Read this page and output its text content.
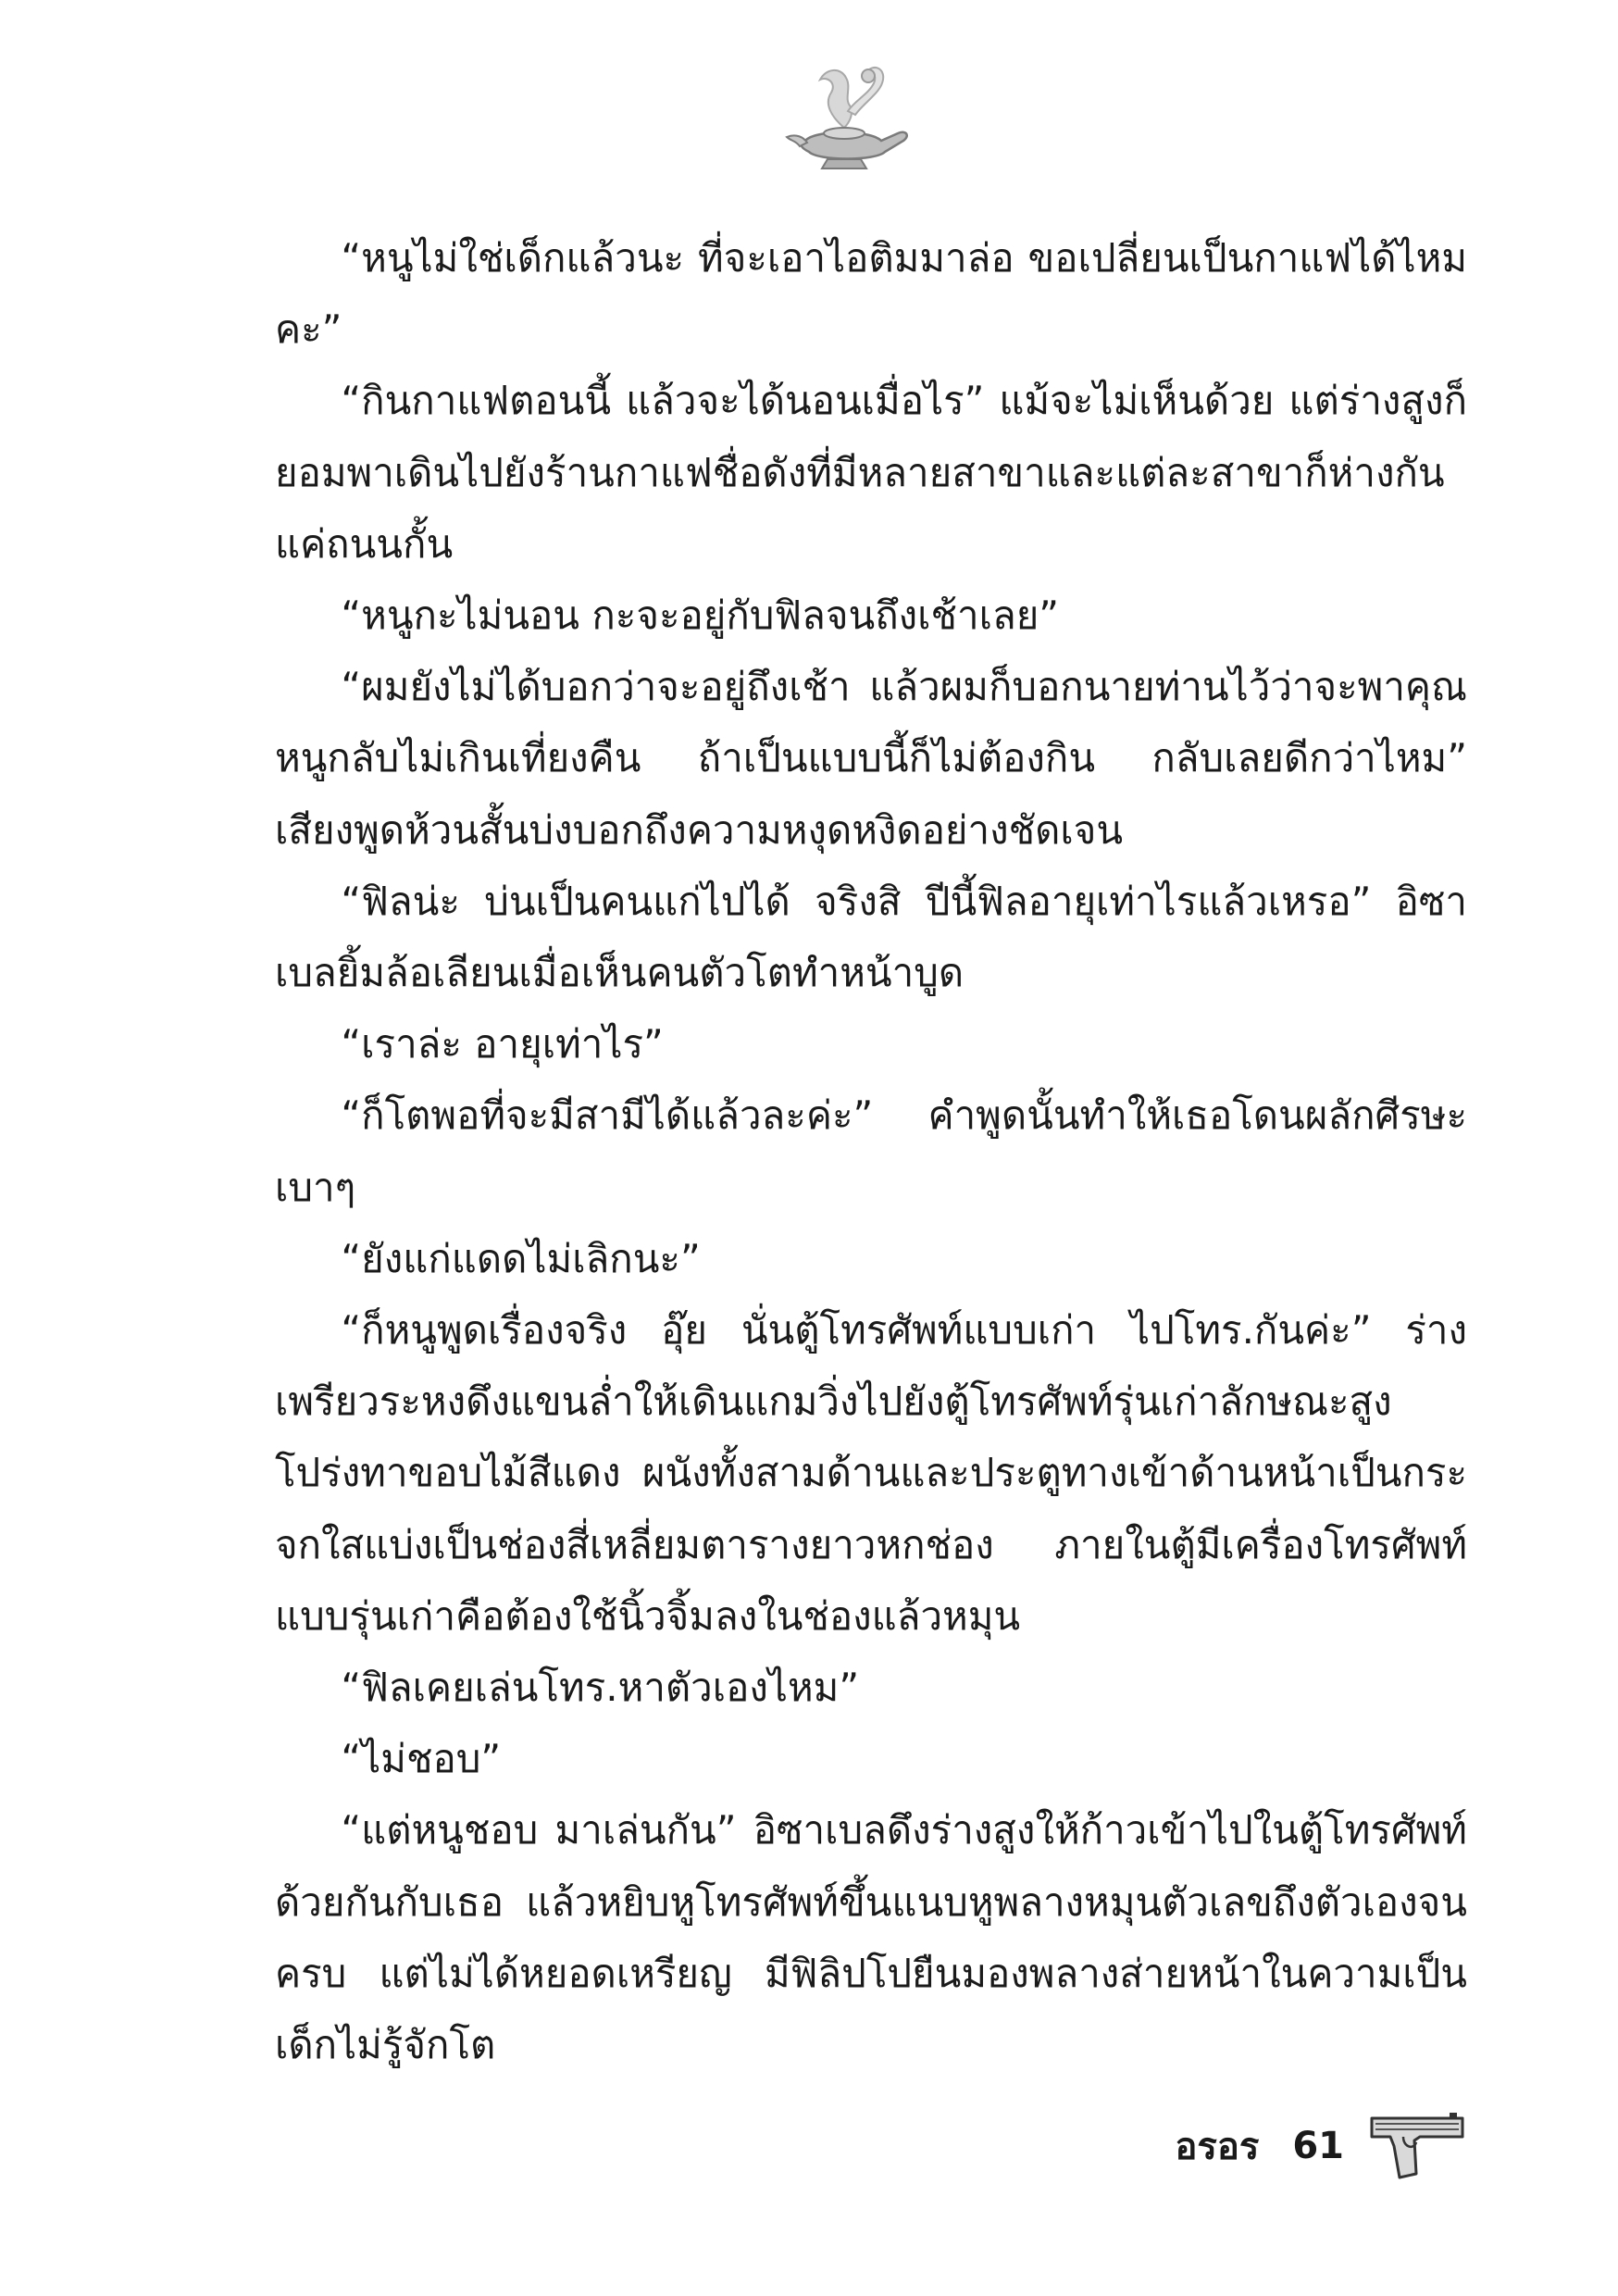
“หนูไม่ใช่เด็กแล้วนะ ที่จะเอาไอติมมาล่อ ขอเปลี่ยนเป็นกาแฟได้ไหมคะ”

“กินกาแฟตอนนี้ แล้วจะได้นอนเมื่อไร” แม้จะไม่เห็นด้วย แต่ร่างสูงก็ยอมพาเดินไปยังร้านกาแฟชื่อดังที่มีหลายสาขาและแต่ละสาขาก็ห่างกันแค่ถนนกั้น

“หนูกะไม่นอน กะจะอยู่กับฟิลจนถึงเช้าเลย”

“ผมยังไม่ได้บอกว่าจะอยู่ถึงเช้า แล้วผมก็บอกนายท่านไว้ว่าจะพาคุณหนูกลับไม่เกินเที่ยงคืน ถ้าเป็นแบบนี้ก็ไม่ต้องกิน กลับเลยดีกว่าไหม” เสียงพูดห้วนสั้นบ่งบอกถึงความหงุดหงิดอย่างชัดเจน

“ฟิลน่ะ บ่นเป็นคนแก่ไปได้ จริงสิ ปีนี้ฟิลอายุเท่าไรแล้วเหรอ” อิซาเบลยิ้มล้อเลียนเมื่อเห็นคนตัวโตทำหน้าบูด

“เราล่ะ อายุเท่าไร”

“ก็โตพอที่จะมีสามีได้แล้วละค่ะ” คำพูดนั้นทำให้เธอโดนผลักศีรษะเบาๆ

“ยังแก่แดดไม่เลิกนะ”

“ก็หนูพูดเรื่องจริง อุ๊ย นั่นตู้โทรศัพท์แบบเก่า ไปโทร.กันค่ะ” ร่างเพรียวระหงดึงแขนล่ำให้เดินแกมวิ่งไปยังตู้โทรศัพท์รุ่นเก่าลักษณะสูงโปร่งทาขอบไม้สีแดง ผนังทั้งสามด้านและประตูทางเข้าด้านหน้าเป็นกระจกใสแบ่งเป็นช่องสี่เหลี่ยมตารางยาวหกช่อง ภายในตู้มีเครื่องโทรศัพท์แบบรุ่นเก่าคือต้องใช้นิ้วจิ้มลงในช่องแล้วหมุน

“ฟิลเคยเล่นโทร.หาตัวเองไหม”

“ไม่ชอบ”

“แต่หนูชอบ มาเล่นกัน” อิซาเบลดึงร่างสูงให้ก้าวเข้าไปในตู้โทรศัพท์ด้วยกันกับเธอ แล้วหยิบหูโทรศัพท์ขึ้นแนบหูพลางหมุนตัวเลขถึงตัวเองจนครบ แต่ไม่ได้หยอดเหรียญ มีฟิลิปโปยืนมองพลางส่ายหน้าในความเป็นเด็กไม่รู้จักโต

อรอร 61
